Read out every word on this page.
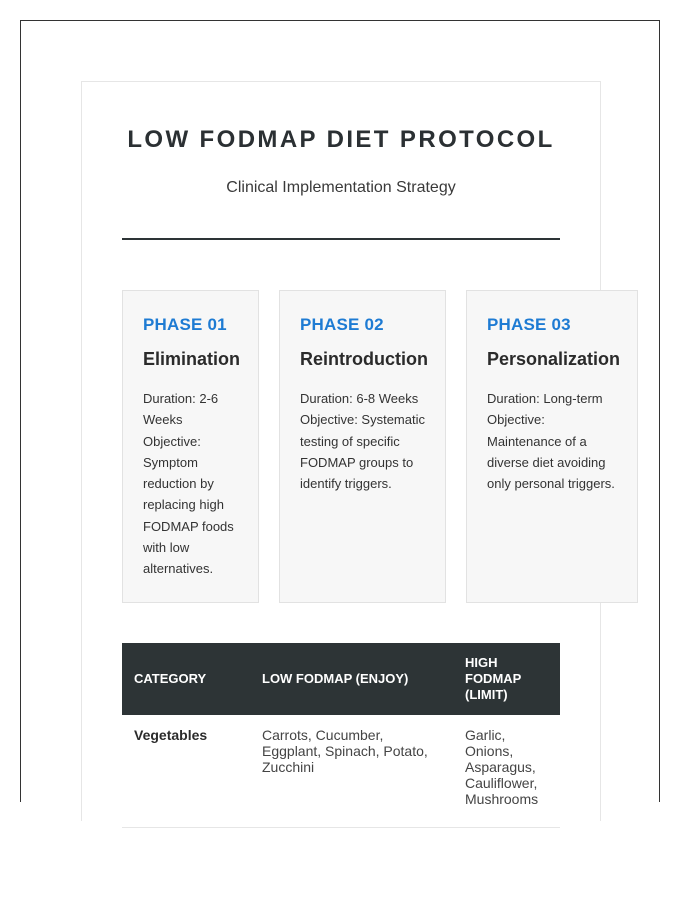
LOW FODMAP DIET PROTOCOL
Clinical Implementation Strategy
PHASE 01
Elimination
Duration: 2-6 Weeks
Objective: Symptom reduction by replacing high FODMAP foods with low alternatives.
PHASE 02
Reintroduction
Duration: 6-8 Weeks
Objective: Systematic testing of specific FODMAP groups to identify triggers.
PHASE 03
Personalization
Duration: Long-term
Objective: Maintenance of a diverse diet avoiding only personal triggers.
CATEGORY	LOW FODMAP (ENJOY)	HIGH FODMAP (LIMIT)
Vegetables	Carrots, Cucumber, Eggplant, Spinach, Potato, Zucchini	Garlic, Onions, Asparagus, Cauliflower, Mushrooms
